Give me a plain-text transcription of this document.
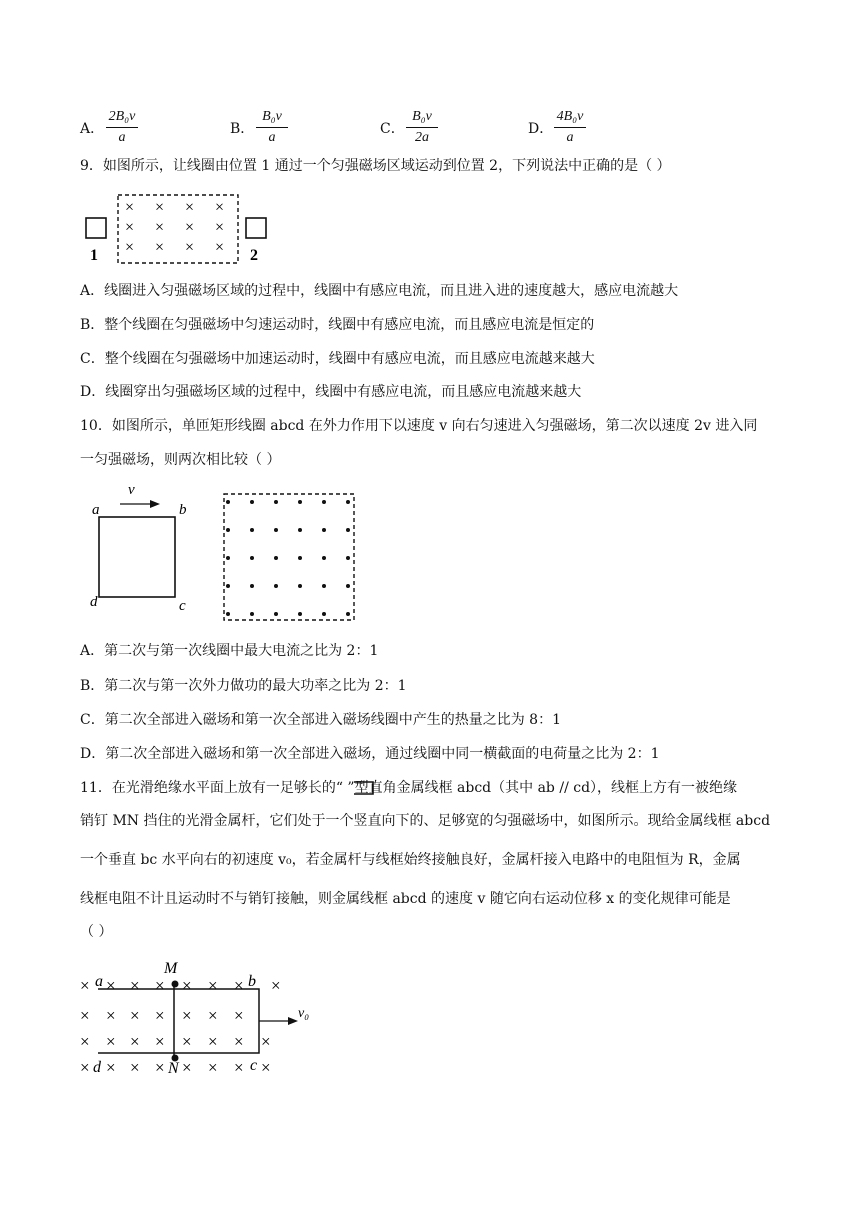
A．
2B₀v
a
B．
B₀v
a
C．
B₀v
2a
D．
4B₀v
a
9．如图所示，让线圈由位置 1 通过一个匀强磁场区域运动到位置 2，下列说法中正确的是（ ）
1
× × × ×
× × × ×
× × × × 2
A．线圈进入匀强磁场区域的过程中，线圈中有感应电流，而且进入进的速度越大，感应电流越大
B．整个线圈在匀强磁场中匀速运动时，线圈中有感应电流，而且感应电流是恒定的
C．整个线圈在匀强磁场中加速运动时，线圈中有感应电流，而且感应电流越来越大
D．线圈穿出匀强磁场区域的过程中，线圈中有感应电流，而且感应电流越来越大
10．如图所示，单匝矩形线圈 abcd 在外力作用下以速度 v 向右匀速进入匀强磁场，第二次以速度 2v 进入同
一匀强磁场，则两次相比较（ ）
v
a	b
d	c
A．第二次与第一次线圈中最大电流之比为 2：1
B．第二次与第一次外力做功的最大功率之比为 2：1
C．第二次全部进入磁场和第一次全部进入磁场线圈中产生的热量之比为 8：1
D．第二次全部进入磁场和第一次全部进入磁场，通过线圈中同一横截面的电荷量之比为 2：1
11．在光滑绝缘水平面上放有一足够长的“ ”型直角金属线框 abcd（其中 ab // cd），线框上方有一被绝缘
销钉 MN 挡住的光滑金属杆，它们处于一个竖直向下的、足够宽的匀强磁场中，如图所示。现给金属线框 abcd
一个垂直 bc 水平向右的初速度 v₀，若金属杆与线框始终接触良好，金属杆接入电路中的电阻恒为 R，金属
线框电阻不计且运动时不与销钉接触，则金属线框 abcd 的速度 v 随它向右运动位移 x 的变化规律可能是
（ ）
× × × × × × × ×
× × × × × × ×
× × × × × × × ×
× × × × × × × ×
M
N
a	b
d	c
v₀
